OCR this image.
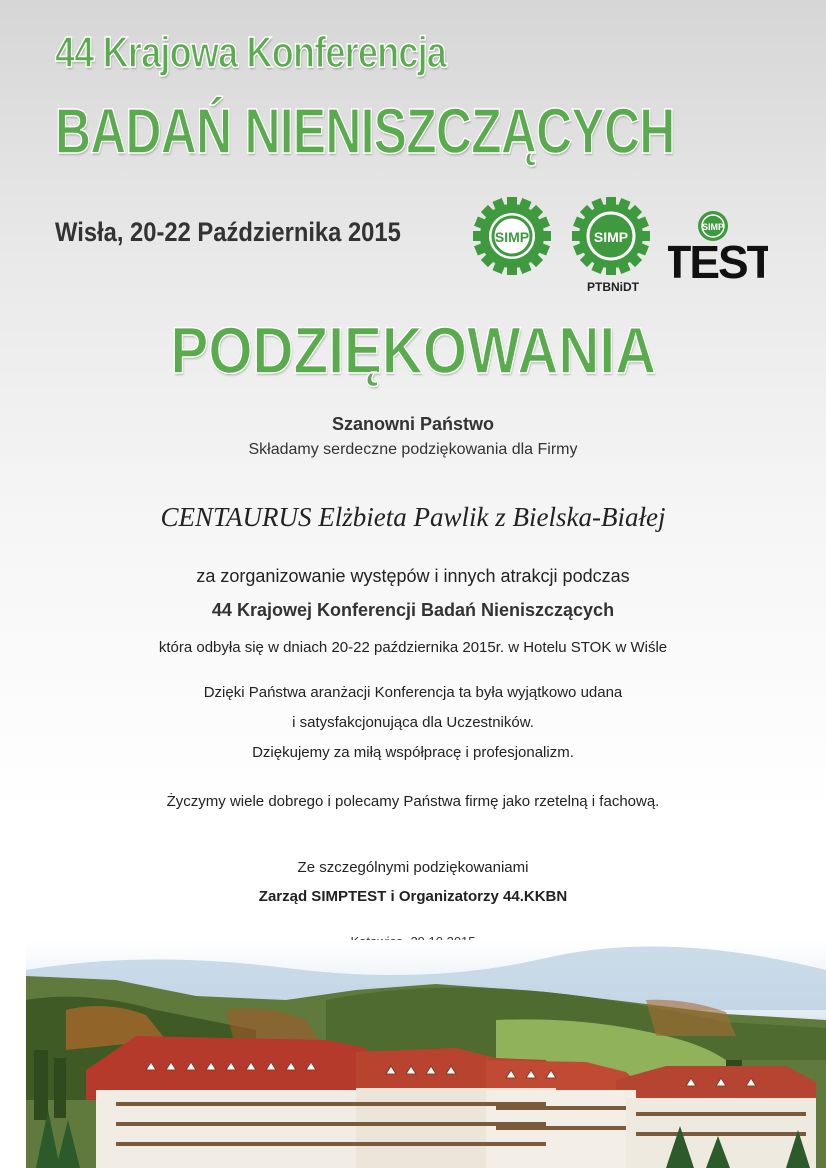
44 Krajowa Konferencja
BADAŃ NIENISZCZĄCYCH
Wisła, 20-22 Października 2015	SIMP	SIMP
PTBNiDT
SIMP
TEST
PODZIĘKOWANIA
Szanowni Państwo
Składamy serdeczne podziękowania dla Firmy
CENTAURUS Elżbieta Pawlik z Bielska-Białej
za zorganizowanie występów i innych atrakcji podczas
44 Krajowej Konferencji Badań Nieniszczących
która odbyła się w dniach 20-22 października 2015r. w Hotelu STOK w Wiśle
Dzięki Państwa aranżacji Konferencja ta była wyjątkowo udana
i satysfakcjonująca dla Uczestników.
Dziękujemy za miłą współpracę i profesjonalizm.
Życzymy wiele dobrego i polecamy Państwa firmę jako rzetelną i fachową.
Ze szczególnymi podziękowaniami
Zarząd SIMPTEST i Organizatorzy 44.KKBN
